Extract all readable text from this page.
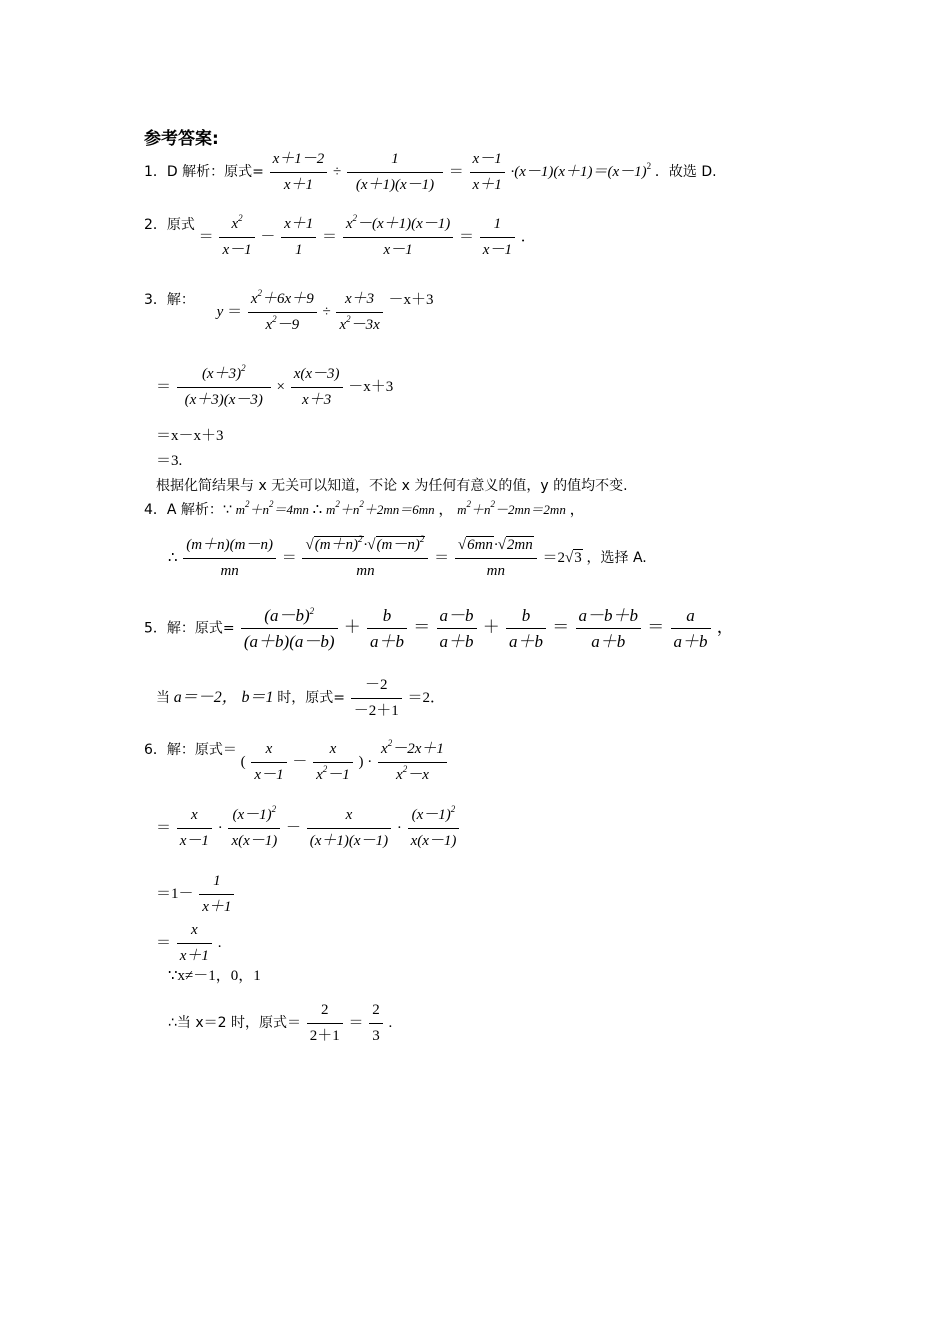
参考答案:
1．D 解析：原式= $\frac{x+1-2}{x+1} \div \frac{1}{(x+1)(x-1)} = \frac{x-1}{x+1} \cdot(x-1)(x+1)=(x-1)^2$ ．故选 D.
2．原式 ＝ $\frac{x^2}{x-1} - \frac{x+1}{1} = \frac{x^2-(x+1)(x-1)}{x-1} = \frac{1}{x-1}$ ．
3．解： $y = \frac{x^2+6x+9}{x^2-9} \div \frac{x+3}{x^2-3x} -x+3$
＝ $\frac{(x+3)^2}{(x+3)(x-3)} \times \frac{x(x-3)}{x+3} -x+3$
＝x－x＋3
＝3.
根据化简结果与 x 无关可以知道，不论 x 为任何有意义的值，y 的值均不变.
4．A 解析：∵ $m^2+n^2=4mn$ ∴ $m^2+n^2+2mn=6mn$ ， $m^2+n^2-2mn=2mn$ ，
∴ $\frac{(m+n)(m-n)}{mn} = \frac{√(m+n)^2\cdot√(m-n)^2}{mn} = \frac{√6mn\cdot√2mn}{mn} =2√3$ ，选择 A.
5．解：原式= $\frac{(a-b)^2}{(a+b)(a-b)} + \frac{b}{a+b} = \frac{a-b}{a+b} + \frac{b}{a+b} = \frac{a-b+b}{a+b} = \frac{a}{a+b}$ ，
当 a＝－2， b＝1 时，原式= $\frac{-2}{-2+1} =2$．
6．解：原式＝ ( $\frac{x}{x-1} - \frac{x}{x^2-1}$ ) · $\frac{x^2-2x+1}{x^2-x}$
＝ $\frac{x}{x-1} \cdot \frac{(x-1)^2}{x(x-1)} - \frac{x}{(x+1)(x-1)} \cdot \frac{(x-1)^2}{x(x-1)}$
$=1- \frac{1}{x+1}$
＝ $\frac{x}{x+1}$ .
∵x≠－1，0，1
∴当 x＝2 时，原式＝ $\frac{2}{2+1} = \frac{2}{3}$ .
